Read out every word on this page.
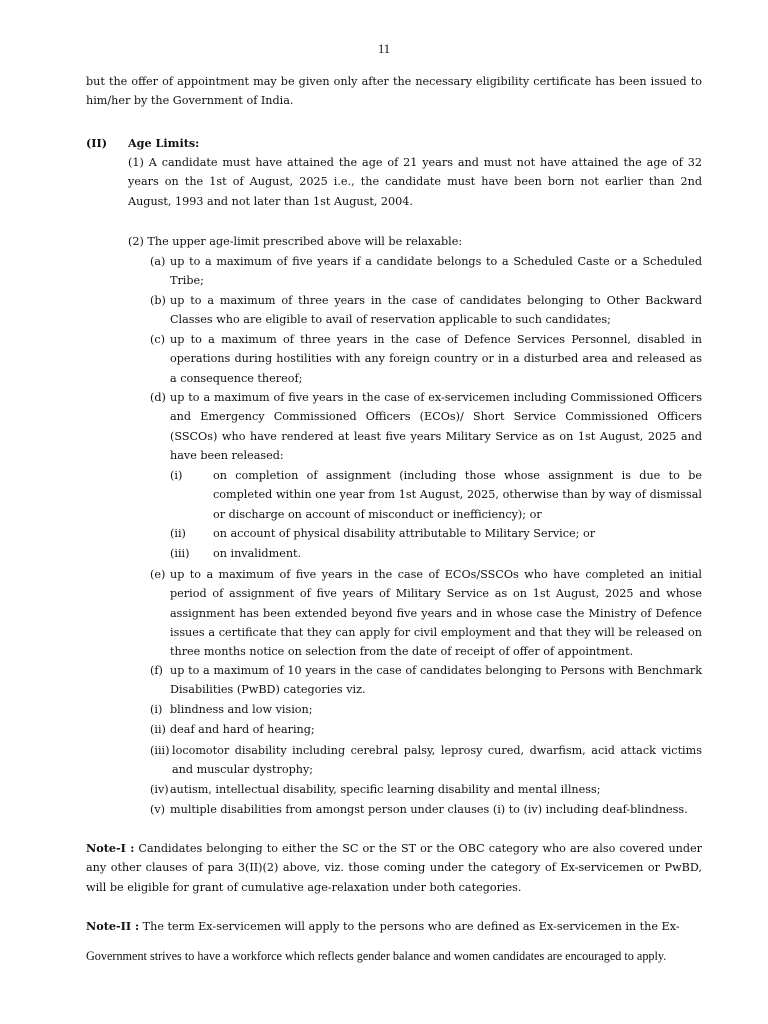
11
but the offer of appointment may be given only after the necessary eligibility certificate has been issued to him/her by the Government of India.
(II) Age Limits:
(1) A candidate must have attained the age of 21 years and must not have attained the age of 32 years on the 1st of August, 2025 i.e., the candidate must have been born not earlier than 2nd August, 1993 and not later than 1st August, 2004.
(2) The upper age-limit prescribed above will be relaxable:
(a) up to a maximum of five years if a candidate belongs to a Scheduled Caste or a Scheduled Tribe;
(b) up to a maximum of three years in the case of candidates belonging to Other Backward Classes who are eligible to avail of reservation applicable to such candidates;
(c) up to a maximum of three years in the case of Defence Services Personnel, disabled in operations during hostilities with any foreign country or in a disturbed area and released as a consequence thereof;
(d) up to a maximum of five years in the case of ex-servicemen including Commissioned Officers and Emergency Commissioned Officers (ECOs)/ Short Service Commissioned Officers (SSCOs) who have rendered at least five years Military Service as on 1st August, 2025 and have been released:
(i)	on completion of assignment (including those whose assignment is due to be completed within one year from 1st August, 2025, otherwise than by way of dismissal or discharge on account of misconduct or inefficiency); or
(ii) on account of physical disability attributable to Military Service; or
(iii) on invalidment.
(e) up to a maximum of five years in the case of ECOs/SSCOs who have completed an initial period of assignment of five years of Military Service as on 1st August, 2025 and whose assignment has been extended beyond five years and in whose case the Ministry of Defence issues a certificate that they can apply for civil employment and that they will be released on three months notice on selection from the date of receipt of offer of appointment.
(f) up to a maximum of 10 years in the case of candidates belonging to Persons with Benchmark Disabilities (PwBD) categories viz.
(i) blindness and low vision;
(ii) deaf and hard of hearing;
(iii) locomotor disability including cerebral palsy, leprosy cured, dwarfism, acid attack victims and muscular dystrophy;
(iv) autism, intellectual disability, specific learning disability and mental illness;
(v) multiple disabilities from amongst person under clauses (i) to (iv) including deaf-blindness.
Note-I : Candidates belonging to either the SC or the ST or the OBC category who are also covered under any other clauses of para 3(II)(2) above, viz. those coming under the category of Ex-servicemen or PwBD, will be eligible for grant of cumulative age-relaxation under both categories.
Note-II : The term Ex-servicemen will apply to the persons who are defined as Ex-servicemen in the Ex-
Government strives to have a workforce which reflects gender balance and women candidates are encouraged to apply.
